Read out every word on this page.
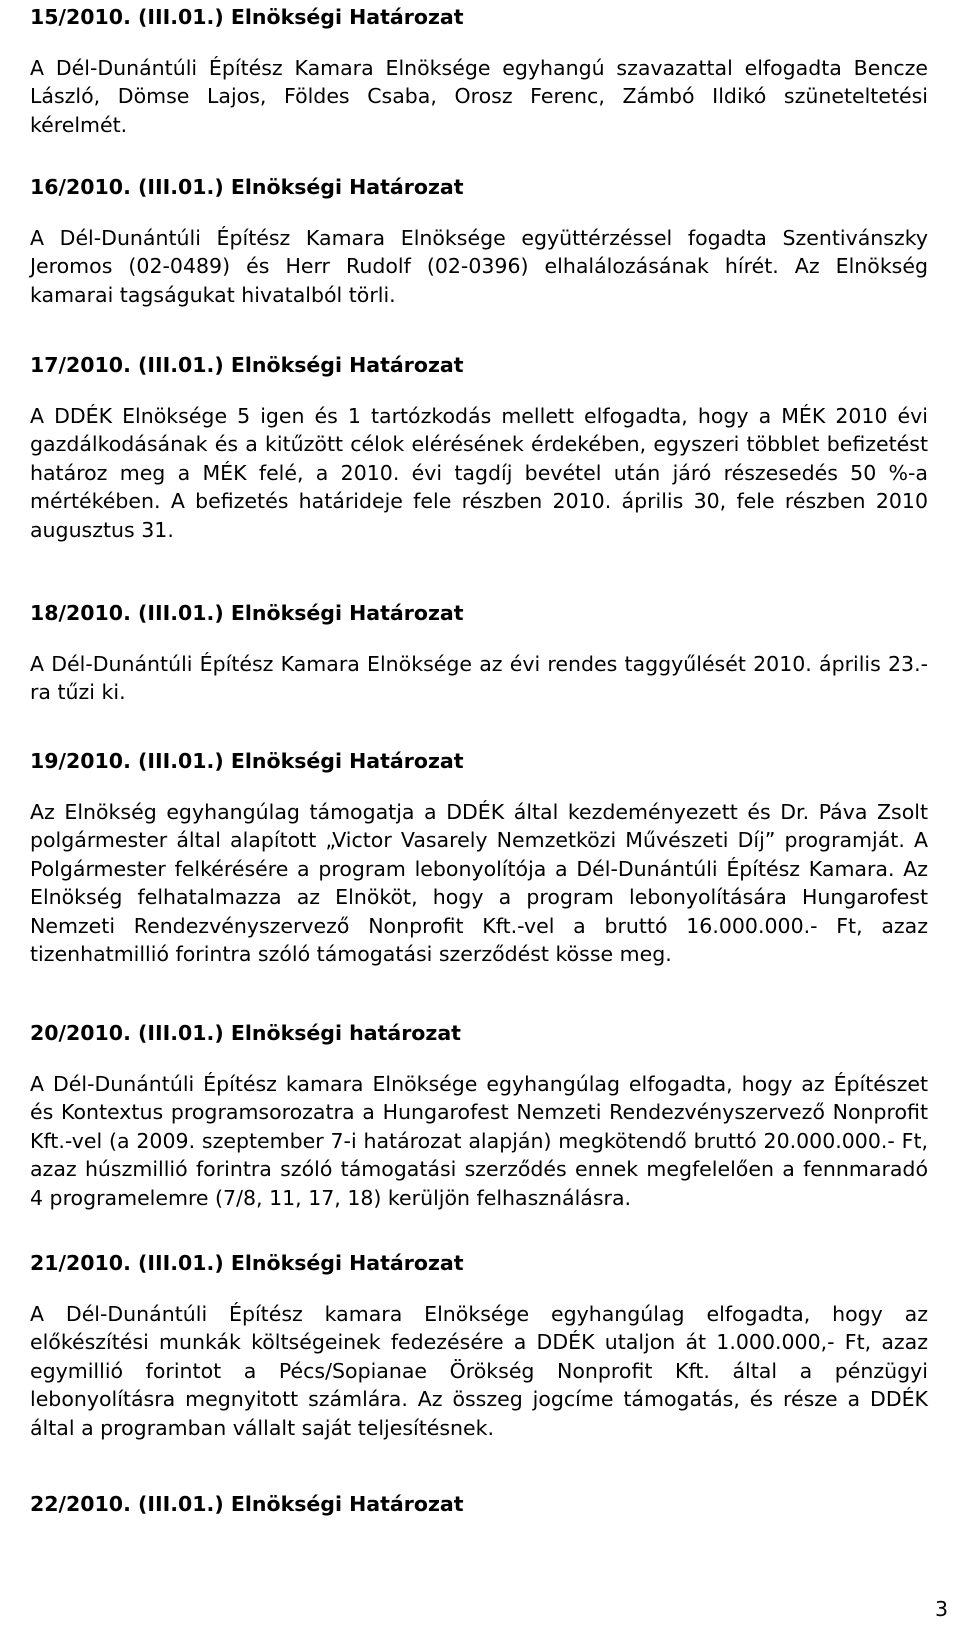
15/2010. (III.01.) Elnökségi Határozat
A Dél-Dunántúli Építész Kamara Elnöksége egyhangú szavazattal elfogadta Bencze László, Dömse Lajos, Földes Csaba, Orosz Ferenc, Zámbó Ildikó szüneteltetési kérelmét.
16/2010. (III.01.) Elnökségi Határozat
A Dél-Dunántúli Építész Kamara Elnöksége együttérzéssel fogadta Szentivánszky Jeromos (02-0489) és Herr Rudolf (02-0396) elhalálozásának hírét. Az Elnökség kamarai tagságukat hivatalból törli.
17/2010. (III.01.) Elnökségi Határozat
A DDÉK Elnöksége 5 igen és 1 tartózkodás mellett elfogadta, hogy a MÉK 2010 évi gazdálkodásának és a kitűzött célok elérésének érdekében, egyszeri többlet befizetést határoz meg a MÉK felé, a 2010. évi tagdíj bevétel után járó részesedés 50 %-a mértékében. A befizetés határideje fele részben 2010. április 30, fele részben 2010 augusztus 31.
18/2010. (III.01.) Elnökségi Határozat
A Dél-Dunántúli Építész Kamara Elnöksége az évi rendes taggyűlését 2010. április 23.-ra tűzi ki.
19/2010. (III.01.) Elnökségi Határozat
Az Elnökség egyhangúlag támogatja a DDÉK által kezdeményezett és Dr. Páva Zsolt polgármester által alapított „Victor Vasarely Nemzetközi Művészeti Díj” programját. A Polgármester felkérésére a program lebonyolítója a Dél-Dunántúli Építész Kamara. Az Elnökség felhatalmazza az Elnököt, hogy a program lebonyolítására Hungarofest Nemzeti Rendezvényszervező Nonprofit Kft.-vel a bruttó 16.000.000.- Ft, azaz tizenhatmillió forintra szóló támogatási szerződést kösse meg.
20/2010. (III.01.) Elnökségi határozat
A Dél-Dunántúli Építész kamara Elnöksége egyhangúlag elfogadta, hogy az Építészet és Kontextus programsorozatra a Hungarofest Nemzeti Rendezvényszervező Nonprofit Kft.-vel (a 2009. szeptember 7-i határozat alapján) megkötendő bruttó 20.000.000.- Ft, azaz húszmillió forintra szóló támogatási szerződés ennek megfelelően a fennmaradó 4 programelemre (7/8, 11, 17, 18) kerüljön felhasználásra.
21/2010. (III.01.) Elnökségi Határozat
A Dél-Dunántúli Építész kamara Elnöksége egyhangúlag elfogadta, hogy az előkészítési munkák költségeinek fedezésére a DDÉK utaljon át 1.000.000,- Ft, azaz egymillió forintot a Pécs/Sopianae Örökség Nonprofit Kft. által a pénzügyi lebonyolításra megnyitott számlára. Az összeg jogcíme támogatás, és része a DDÉK által a programban vállalt saját teljesítésnek.
22/2010. (III.01.) Elnökségi Határozat
3
